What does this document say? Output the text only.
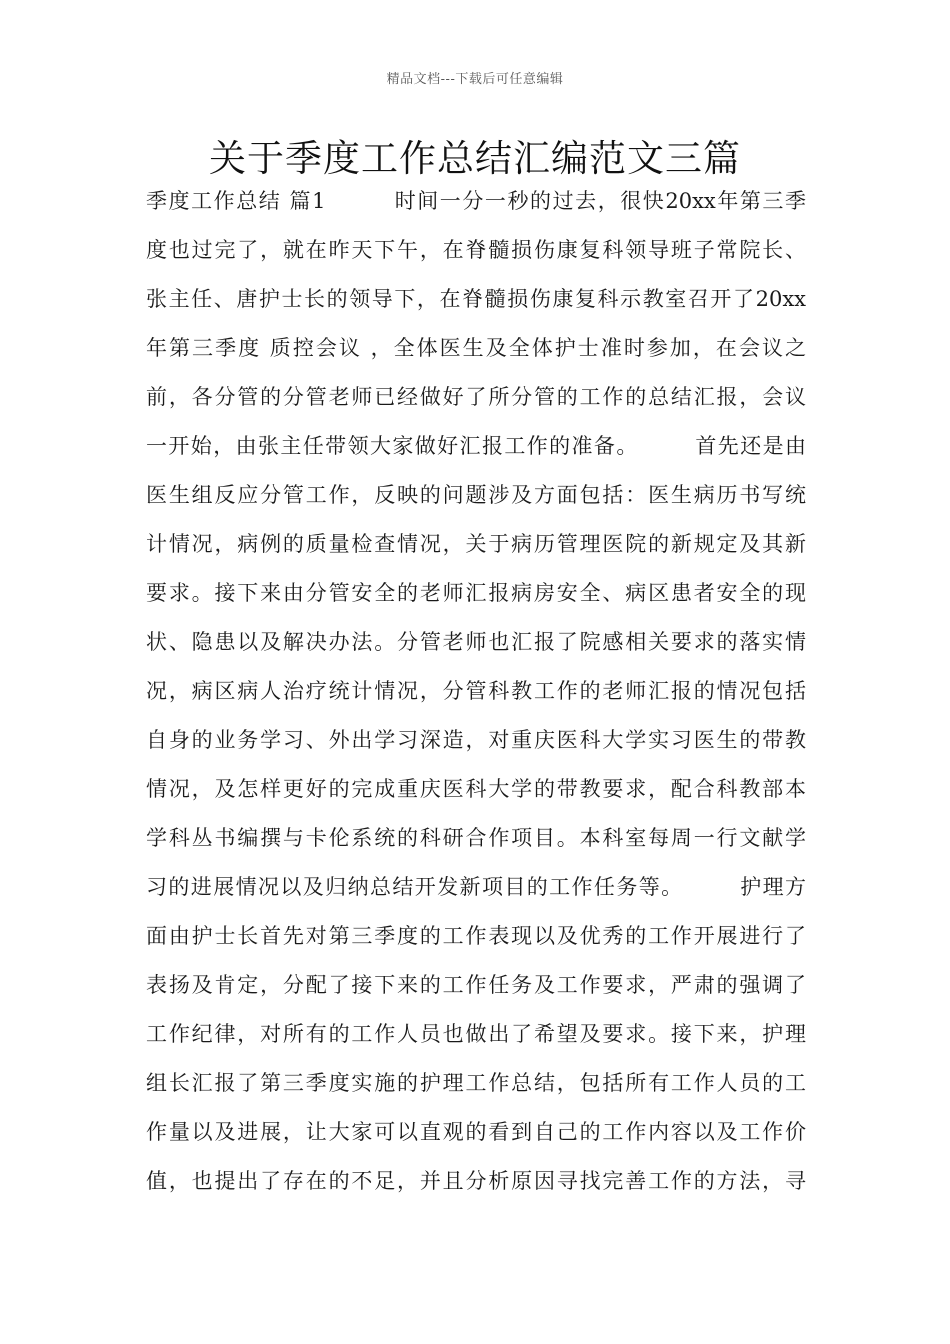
精品文档---下载后可任意编辑
关于季度工作总结汇编范文三篇
季度工作总结 篇1　　　时间一分一秒的过去，很快20xx年第三季
度也过完了，就在昨天下午，在脊髓损伤康复科领导班子常院长、
张主任、唐护士长的领导下，在脊髓损伤康复科示教室召开了20xx
年第三季度 质控会议 ，全体医生及全体护士准时参加，在会议之
前，各分管的分管老师已经做好了所分管的工作的总结汇报，会议
一开始，由张主任带领大家做好汇报工作的准备。　　　首先还是由
医生组反应分管工作，反映的问题涉及方面包括：医生病历书写统
计情况，病例的质量检查情况，关于病历管理医院的新规定及其新
要求。接下来由分管安全的老师汇报病房安全、病区患者安全的现
状、隐患以及解决办法。分管老师也汇报了院感相关要求的落实情
况，病区病人治疗统计情况，分管科教工作的老师汇报的情况包括
自身的业务学习、外出学习深造，对重庆医科大学实习医生的带教
情况，及怎样更好的完成重庆医科大学的带教要求，配合科教部本
学科丛书编撰与卡伦系统的科研合作项目。本科室每周一行文献学
习的进展情况以及归纳总结开发新项目的工作任务等。　　　护理方
面由护士长首先对第三季度的工作表现以及优秀的工作开展进行了
表扬及肯定，分配了接下来的工作任务及工作要求，严肃的强调了
工作纪律，对所有的工作人员也做出了希望及要求。接下来，护理
组长汇报了第三季度实施的护理工作总结，包括所有工作人员的工
作量以及进展，让大家可以直观的看到自己的工作内容以及工作价
值，也提出了存在的不足，并且分析原因寻找完善工作的方法，寻
